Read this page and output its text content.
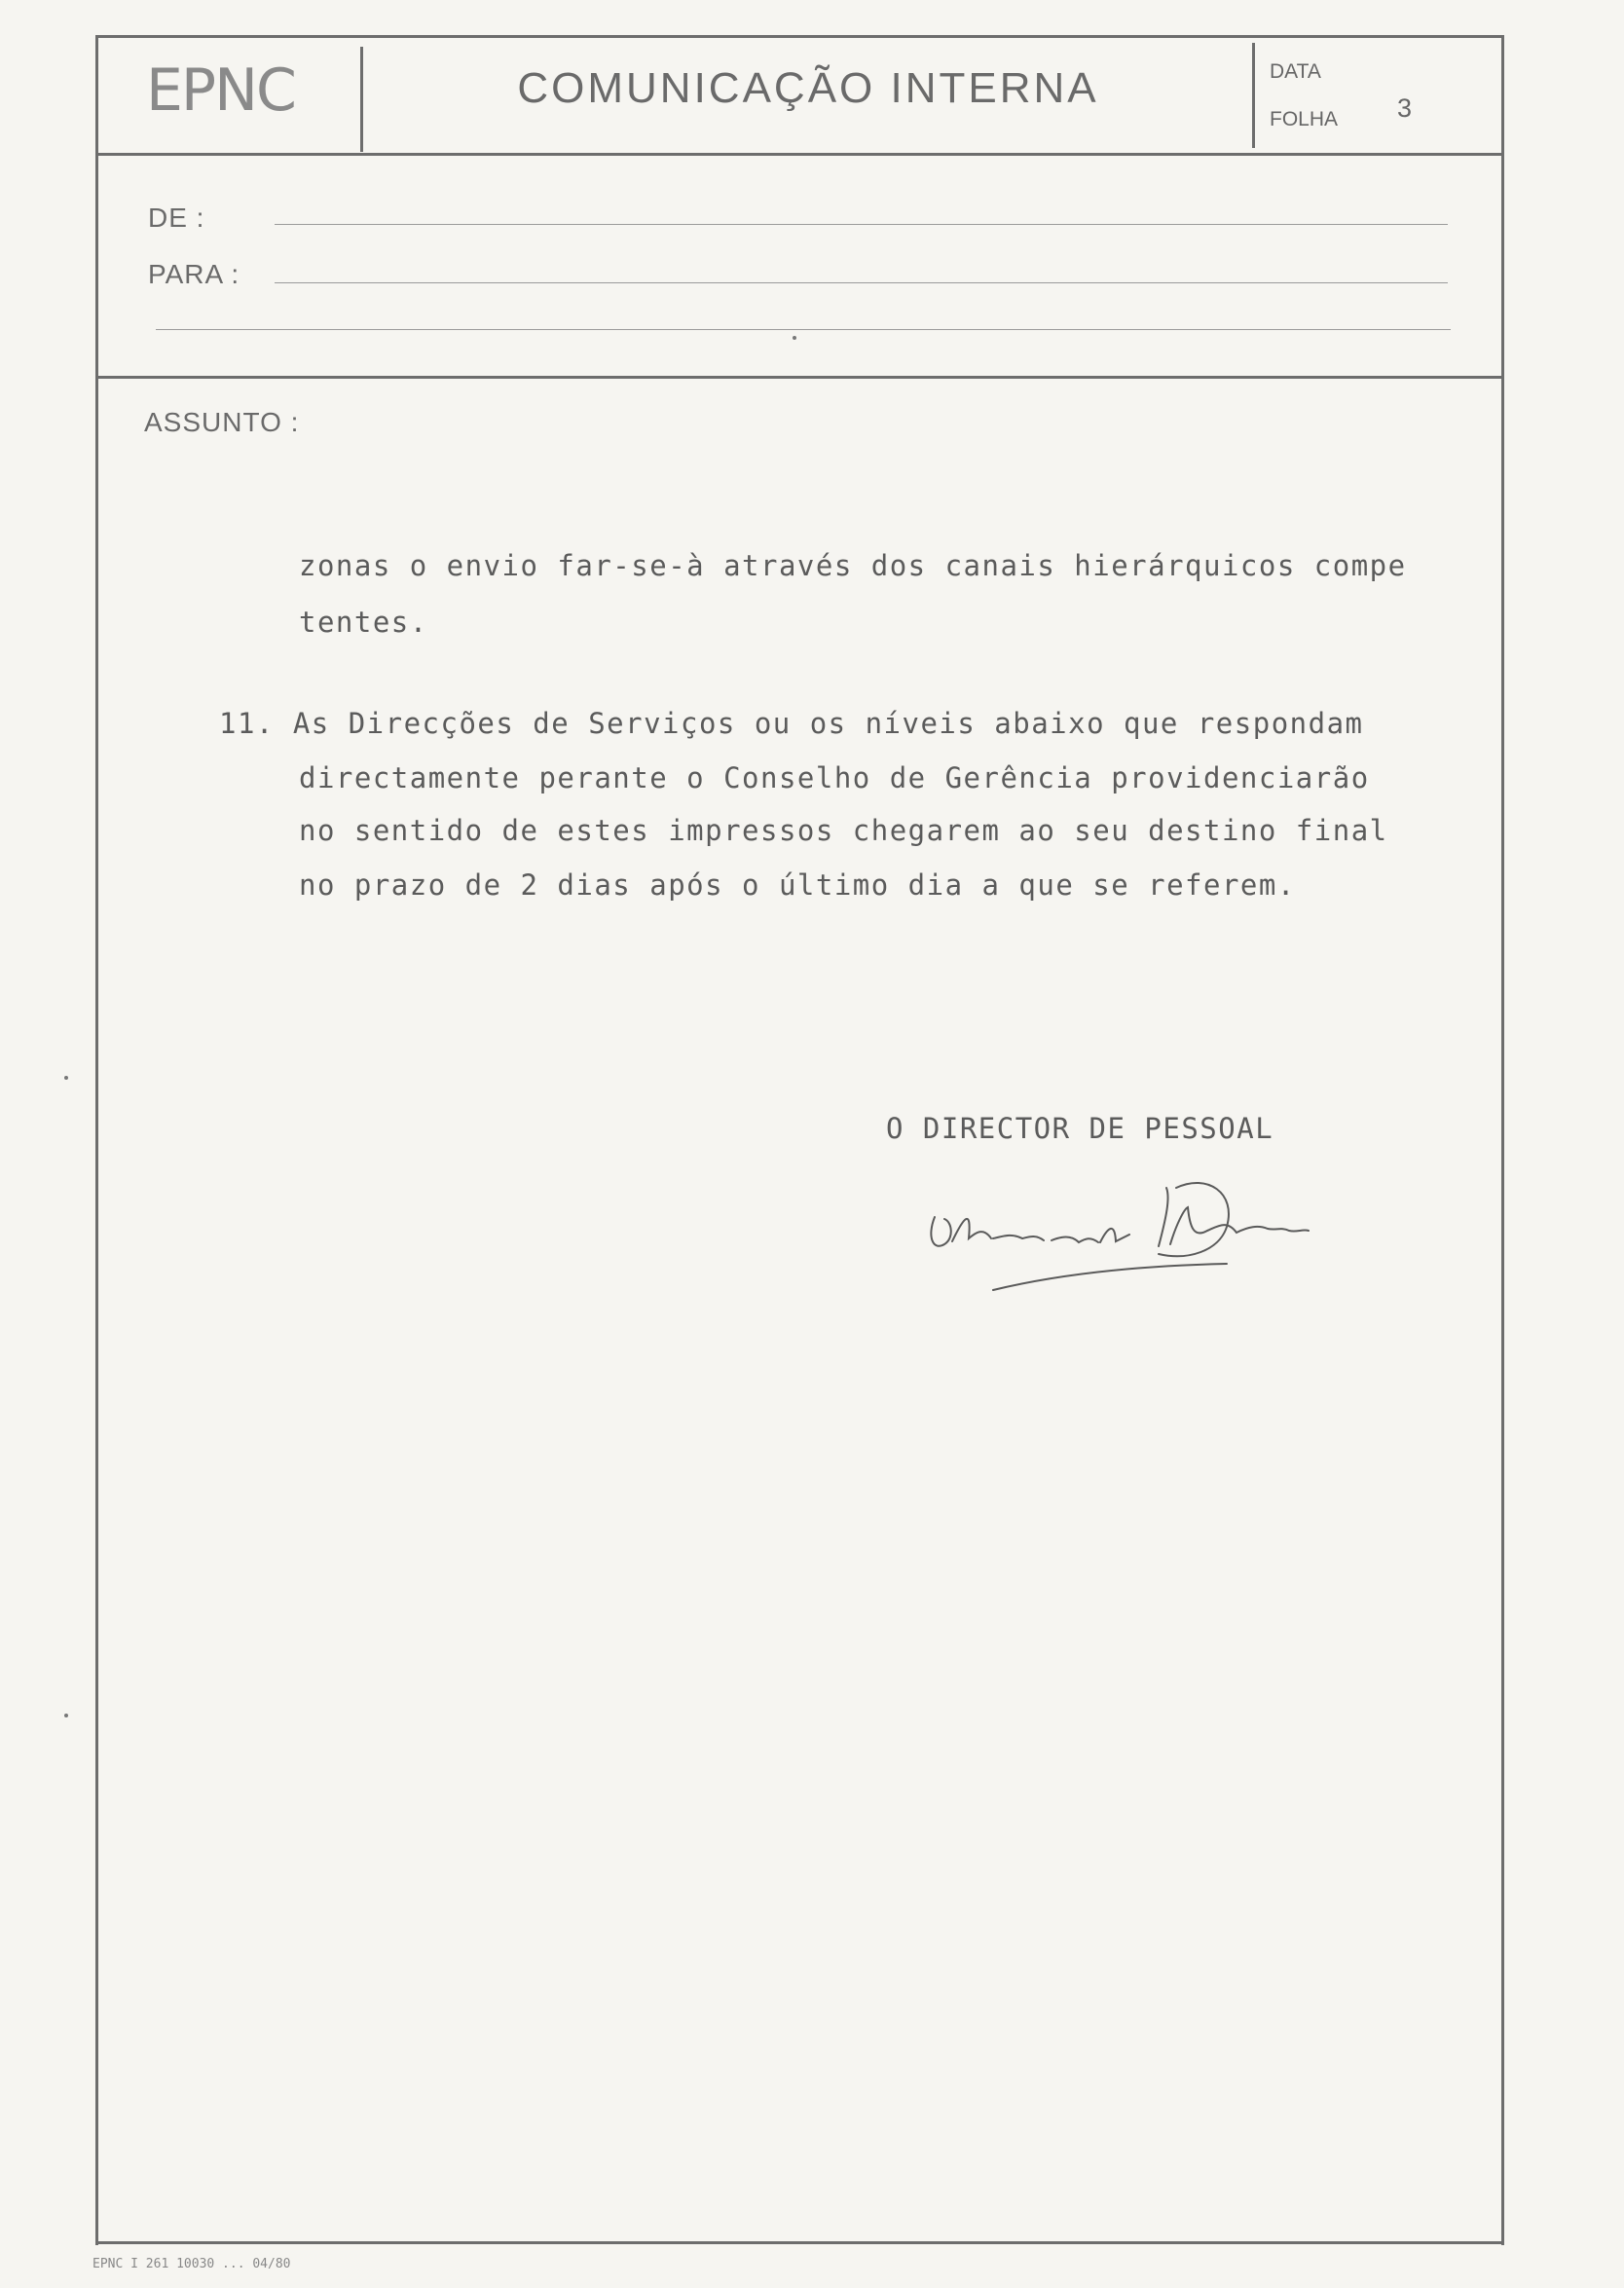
EPNC	COMUNICAÇÃO INTERNA	DATA
FOLHA 3
DE :
PARA :
ASSUNTO :
zonas o envio far-se-à através dos canais hierárquicos compe
tentes.
11. As Direcções de Serviços ou os níveis abaixo que respondam
directamente perante o Conselho de Gerência providenciarão
no sentido de estes impressos chegarem ao seu destino final
no prazo de 2 dias após o último dia a que se referem.
O DIRECTOR DE PESSOAL
EPNC I 261 10030 ... 04/80
